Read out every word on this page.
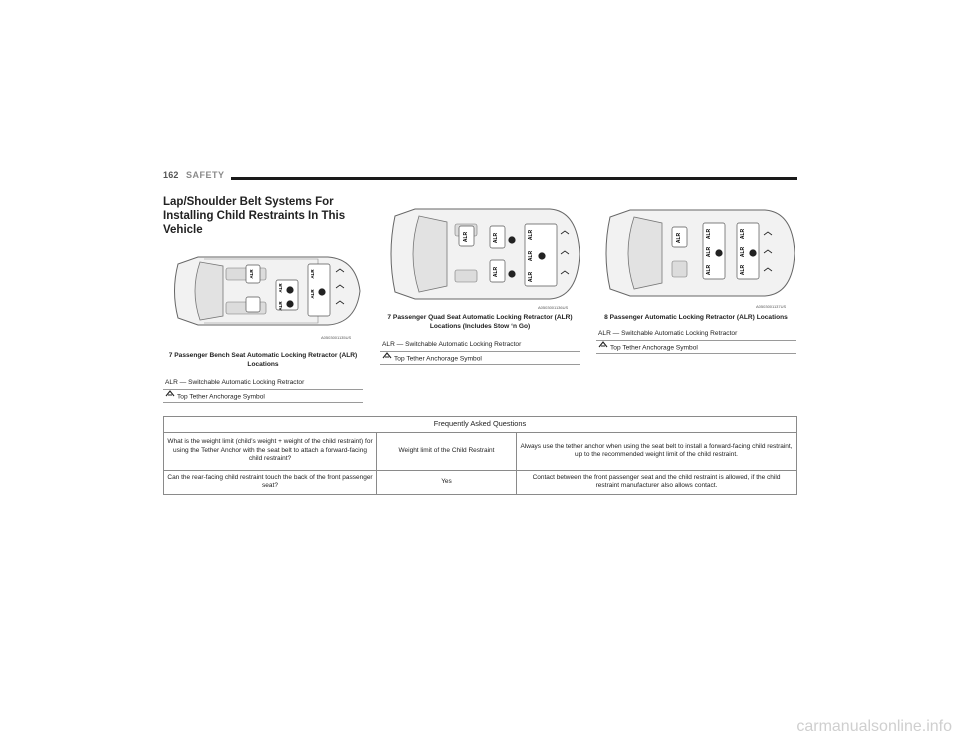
162 SAFETY
Lap/Shoulder Belt Systems For Installing Child Restraints In This Vehicle
ALR
ALR
ALR
ALR
ALR
A0503001135US
7 Passenger Bench Seat Automatic Locking Retractor (ALR) Locations
ALR — Switchable Automatic Locking Retractor
Top Tether Anchorage Symbol
ALR	ALR
ALR
ALR
ALR
ALR
A0503001136US
7 Passenger Quad Seat Automatic Locking Retractor (ALR) Locations (Includes Stow ‘n Go)
ALR — Switchable Automatic Locking Retractor
Top Tether Anchorage Symbol
ALR	ALR
ALR
ALR
ALR
ALR
ALR
A0503001137US
8 Passenger Automatic Locking Retractor (ALR) Locations
ALR — Switchable Automatic Locking Retractor
Top Tether Anchorage Symbol
Frequently Asked Questions		
What is the weight limit (child’s weight + weight of the child restraint) for using the Tether Anchor with the seat belt to attach a forward-facing child restraint?	Weight limit of the Child Restraint	Always use the tether anchor when using the seat belt to install a forward-facing child restraint, up to the recommended weight limit of the child restraint.
Can the rear-facing child restraint touch the back of the front passenger seat?	Yes	Contact between the front passenger seat and the child restraint is allowed, if the child restraint manufacturer also allows contact.
carmanualsonline.info
